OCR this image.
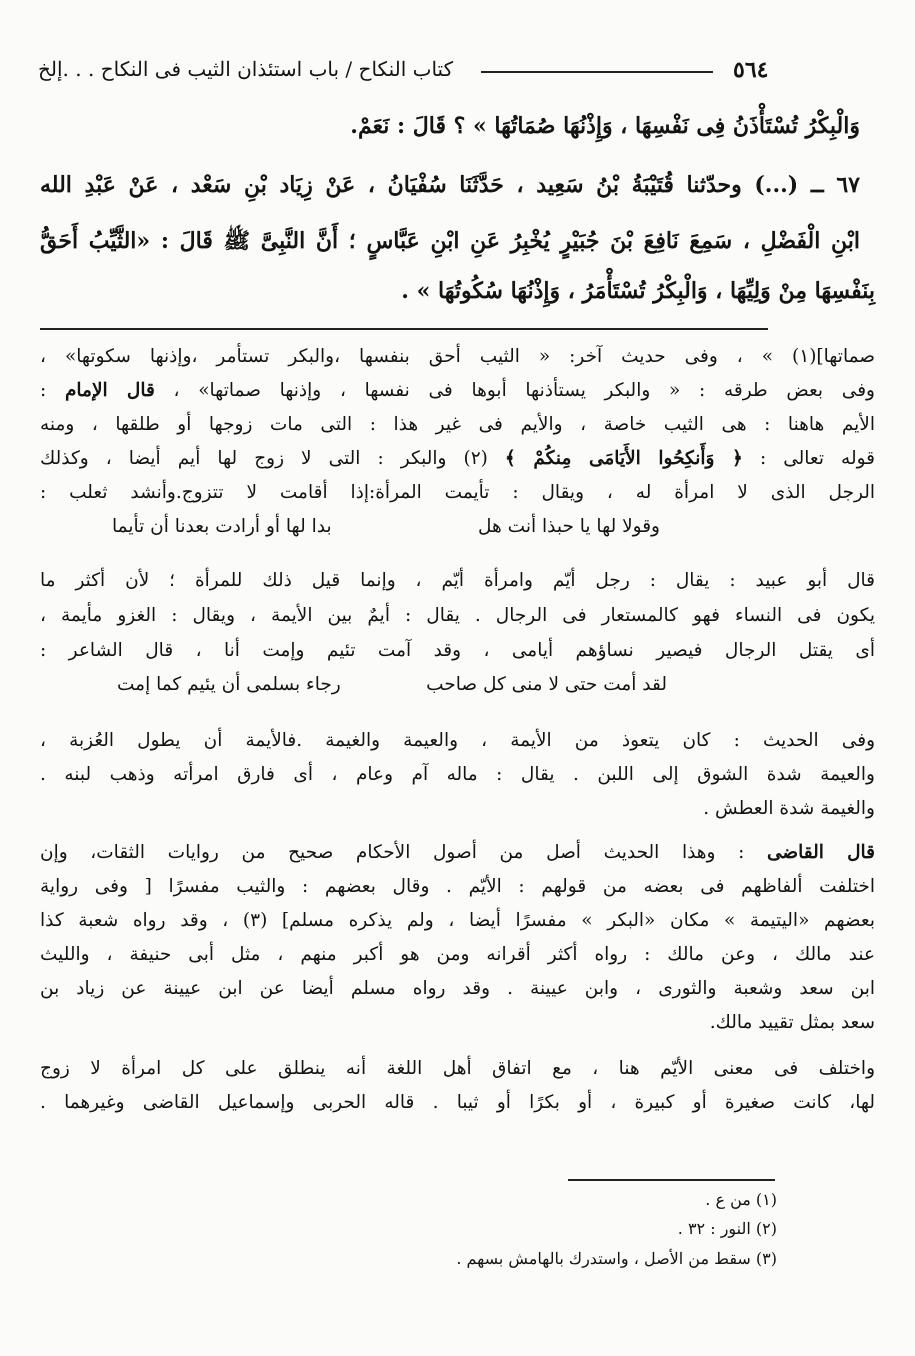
٥٦٤
كتاب النكاح / باب استئذان الثيب فى النكاح . . .إلخ
وَالْبِكْرُ تُسْتَأْذَنُ فِى نَفْسِهَا ، وَإِذْنُهَا صُمَاتُهَا » ؟ قَالَ : نَعَمْ.
٦٧ ــ (...) وحدّثنا قُتَيْبَةُ بْنُ سَعِيد ، حَدَّثَنَا سُفْيَانُ ، عَنْ زِيَاد بْنِ سَعْد ، عَنْ عَبْدِ الله
ابْنِ الْفَضْلِ ، سَمِعَ نَافِعَ بْنَ جُبَيْرٍ يُخْبِرُ عَنِ ابْنِ عَبَّاسٍ ؛ أَنَّ النَّبِىَّ ﷺ قَالَ : «الثَّيِّبُ أَحَقُّ
بِنَفْسِهَا مِنْ وَلِيِّهَا ، وَالْبِكْرُ تُسْتَأْمَرُ ، وَإِذْنُهَا سُكُوتُهَا » .
صماتها](١) » ، وفى حديث آخر: « الثيب أحق بنفسها ،والبكر تستأمر ،وإذنها سكوتها» ،
وفى بعض طرقه : « والبكر يستأذنها أبوها فى نفسها ، وإذنها صماتها» ، قال الإمام :
الأيم هاهنا : هى الثيب خاصة ، والأيم فى غير هذا : التى مات زوجها أو طلقها ، ومنه
قوله تعالى : ﴿ وَأَنكِحُوا الأَيَامَى مِنكُمْ ﴾ (٢) والبكر : التى لا زوج لها أيم أيضا ، وكذلك
الرجل الذى لا امرأة له ، ويقال : تأيمت المرأة:إذا أقامت لا تتزوج.وأنشد ثعلب :
وقولا لها يا حبذا أنت هل
بدا لها أو أرادت بعدنا أن تأيما
قال أبو عبيد : يقال : رجل أيّم وامرأة أيّم ، وإنما قيل ذلك للمرأة ؛ لأن أكثر ما
يكون فى النساء فهو كالمستعار فى الرجال . يقال : أيمٌ بين الأيمة ، ويقال : الغزو مأيمة ،
أى يقتل الرجال فيصير نساؤهم أيامى ، وقد آمت تئيم وإمت أنا ، قال الشاعر :
لقد أمت حتى لا منى كل صاحب
رجاء بسلمى أن يئيم كما إمت
وفى الحديث : كان يتعوذ من الأيمة ، والعيمة والغيمة .فالأيمة أن يطول العُزبة ،
والعيمة شدة الشوق إلى اللبن . يقال : ماله آم وعام ، أى فارق امرأته وذهب لبنه .
والغيمة شدة العطش .
قال القاضى : وهذا الحديث أصل من أصول الأحكام صحيح من روايات الثقات، وإن
اختلفت ألفاظهم فى بعضه من قولهم : الأيّم . وقال بعضهم : والثيب مفسرًا [ وفى رواية
بعضهم «اليتيمة » مكان «البكر » مفسرًا أيضا ، ولم يذكره مسلم] (٣) ، وقد رواه شعبة كذا
عند مالك ، وعن مالك : رواه أكثر أقرانه ومن هو أكبر منهم ، مثل أبى حنيفة ، والليث
ابن سعد وشعبة والثورى ، وابن عيينة . وقد رواه مسلم أيضا عن ابن عيينة عن زياد بن
سعد بمثل تقييد مالك.
واختلف فى معنى الأيّم هنا ، مع اتفاق أهل اللغة أنه ينطلق على كل امرأة لا زوج
لها، كانت صغيرة أو كبيرة ، أو بكرًا أو ثيبا . قاله الحربى وإسماعيل القاضى وغيرهما .
(١) من ع .
(٢) النور : ٣٢ .
(٣) سقط من الأصل ، واستدرك بالهامش بسهم .
